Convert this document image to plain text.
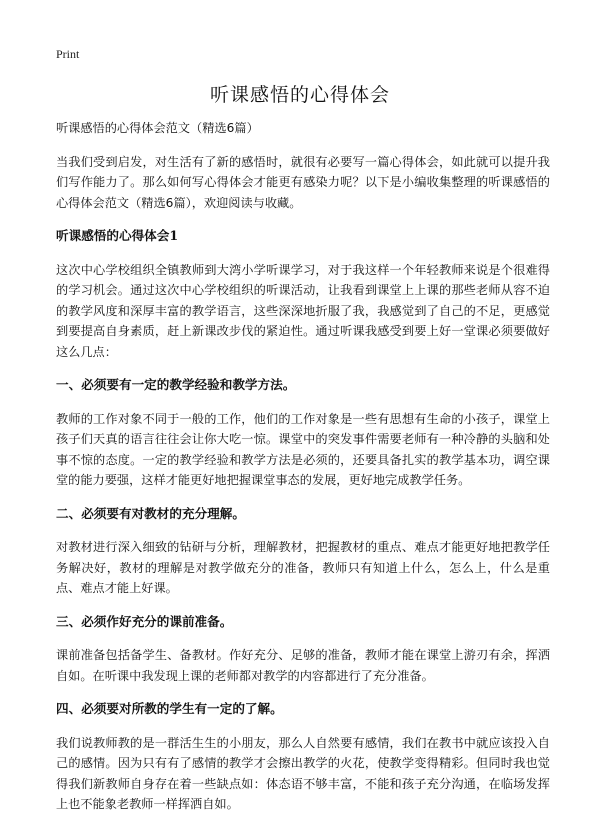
Print
听课感悟的心得体会
听课感悟的心得体会范文（精选6篇）

当我们受到启发，对生活有了新的感悟时，就很有必要写一篇心得体会，如此就可以提升我们写作能力了。那么如何写心得体会才能更有感染力呢？以下是小编收集整理的听课感悟的心得体会范文（精选6篇），欢迎阅读与收藏。

听课感悟的心得体会1

这次中心学校组织全镇教师到大湾小学听课学习，对于我这样一个年轻教师来说是个很难得的学习机会。通过这次中心学校组织的听课活动，让我看到课堂上上课的那些老师从容不迫的教学风度和深厚丰富的教学语言，这些深深地折服了我，我感觉到了自己的不足，更感觉到要提高自身素质，赶上新课改步伐的紧迫性。通过听课我感受到要上好一堂课必须要做好这么几点：

一、必须要有一定的教学经验和教学方法。

教师的工作对象不同于一般的工作，他们的工作对象是一些有思想有生命的小孩子，课堂上孩子们天真的语言往往会让你大吃一惊。课堂中的突发事件需要老师有一种冷静的头脑和处事不惊的态度。一定的教学经验和教学方法是必须的，还要具备扎实的教学基本功，调空课堂的能力要强，这样才能更好地把握课堂事态的发展，更好地完成教学任务。

二、必须要有对教材的充分理解。

对教材进行深入细致的钻研与分析，理解教材，把握教材的重点、难点才能更好地把教学任务解决好，教材的理解是对教学做充分的准备，教师只有知道上什么，怎么上，什么是重点、难点才能上好课。

三、必须作好充分的课前准备。

课前准备包括备学生、备教材。作好充分、足够的准备，教师才能在课堂上游刃有余，挥洒自如。在听课中我发现上课的老师都对教学的内容都进行了充分准备。

四、必须要对所教的学生有一定的了解。

我们说教师教的是一群活生生的小朋友，那么人自然要有感情，我们在教书中就应该投入自己的感情。因为只有有了感情的教学才会擦出教学的火花，使教学变得精彩。但同时我也觉得我们新教师自身存在着一些缺点如：体态语不够丰富，不能和孩子充分沟通，在临场发挥上也不能象老教师一样挥洒自如。
